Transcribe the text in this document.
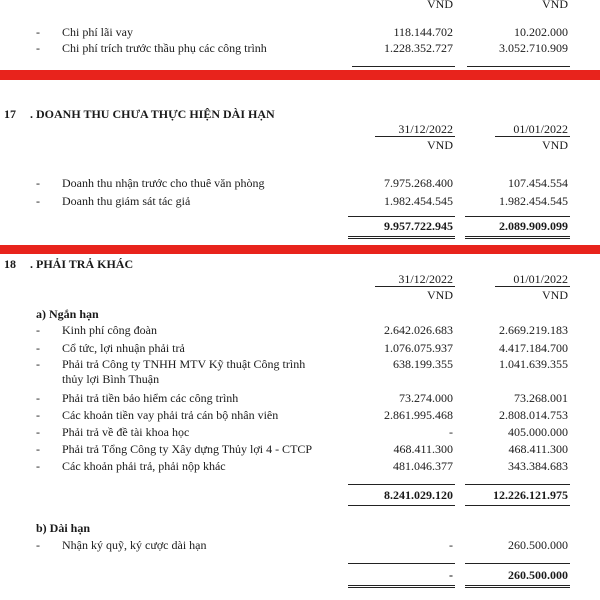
VND	VND
- Chi phí lãi vay	118.144.702	10.202.000
- Chi phí trích trước thầu phụ các công trình	1.228.352.727	3.052.710.909
17 . DOANH THU CHƯA THỰC HIỆN DÀI HẠN
31/12/2022	01/01/2022
VND	VND
- Doanh thu nhận trước cho thuê văn phòng	7.975.268.400	107.454.554
- Doanh thu giám sát tác giả	1.982.454.545	1.982.454.545
9.957.722.945	2.089.909.099
18 . PHẢI TRẢ KHÁC
31/12/2022	01/01/2022
VND	VND
a) Ngắn hạn
- Kinh phí công đoàn	2.642.026.683	2.669.219.183
- Cổ tức, lợi nhuận phải trả	1.076.075.937	4.417.184.700
- Phải trả Công ty TNHH MTV Kỹ thuật Công trình
thủy lợi Bình Thuận
638.199.355	1.041.639.355
- Phải trả tiền bảo hiểm các công trình	73.274.000	73.268.001
- Các khoản tiền vay phải trả cán bộ nhân viên	2.861.995.468	2.808.014.753
- Phải trả về đề tài khoa học	-	405.000.000
- Phải trả Tổng Công ty Xây dựng Thủy lợi 4 - CTCP	468.411.300	468.411.300
- Các khoản phải trả, phải nộp khác	481.046.377	343.384.683
8.241.029.120	12.226.121.975
b) Dài hạn
- Nhận ký quỹ, ký cược dài hạn	-	260.500.000
-	260.500.000
